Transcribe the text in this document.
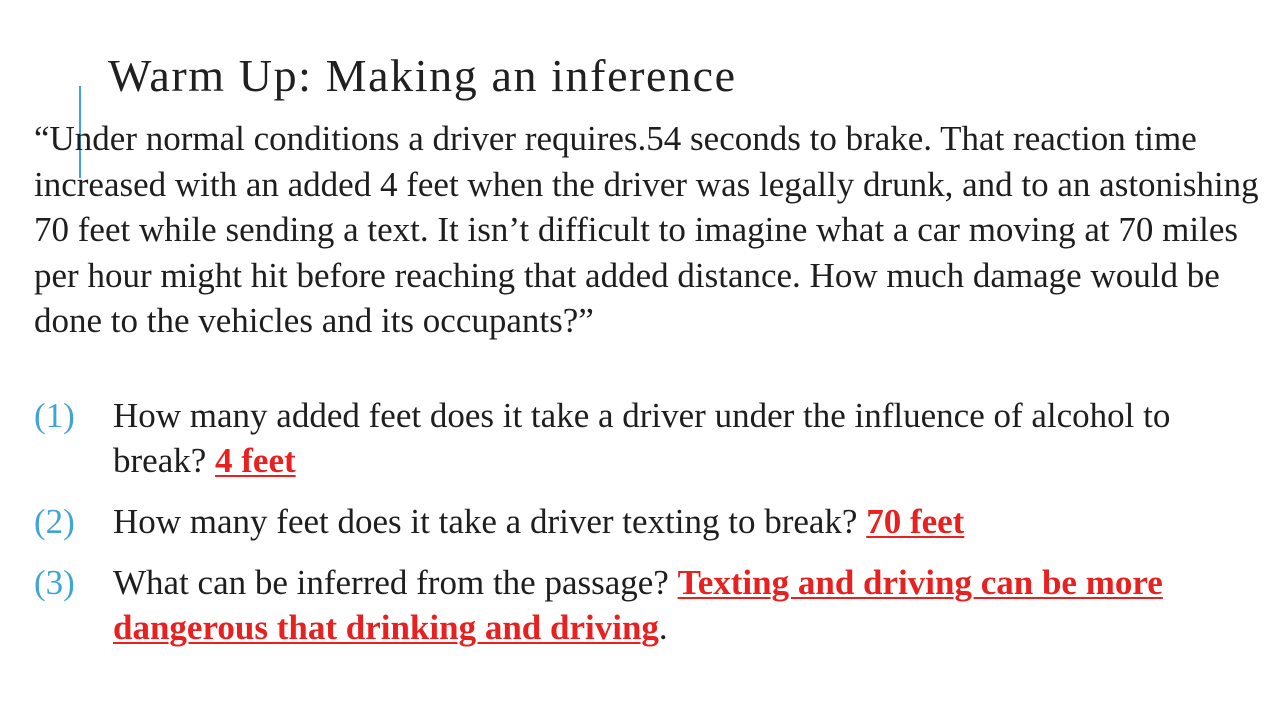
Warm Up: Making an inference

“Under normal conditions a driver requires.54 seconds to brake. That reaction time increased with an added 4 feet when the driver was legally drunk, and to an astonishing 70 feet while sending a text. It isn’t difficult to imagine what a car moving at 70 miles per hour might hit before reaching that added distance. How much damage would be done to the vehicles and its occupants?”

(1)	How many added feet does it take a driver under the influence of alcohol to break? 4 feet
(2)	How many feet does it take a driver texting to break? 70 feet
(3)	What can be inferred from the passage? Texting and driving can be more dangerous that drinking and driving.
